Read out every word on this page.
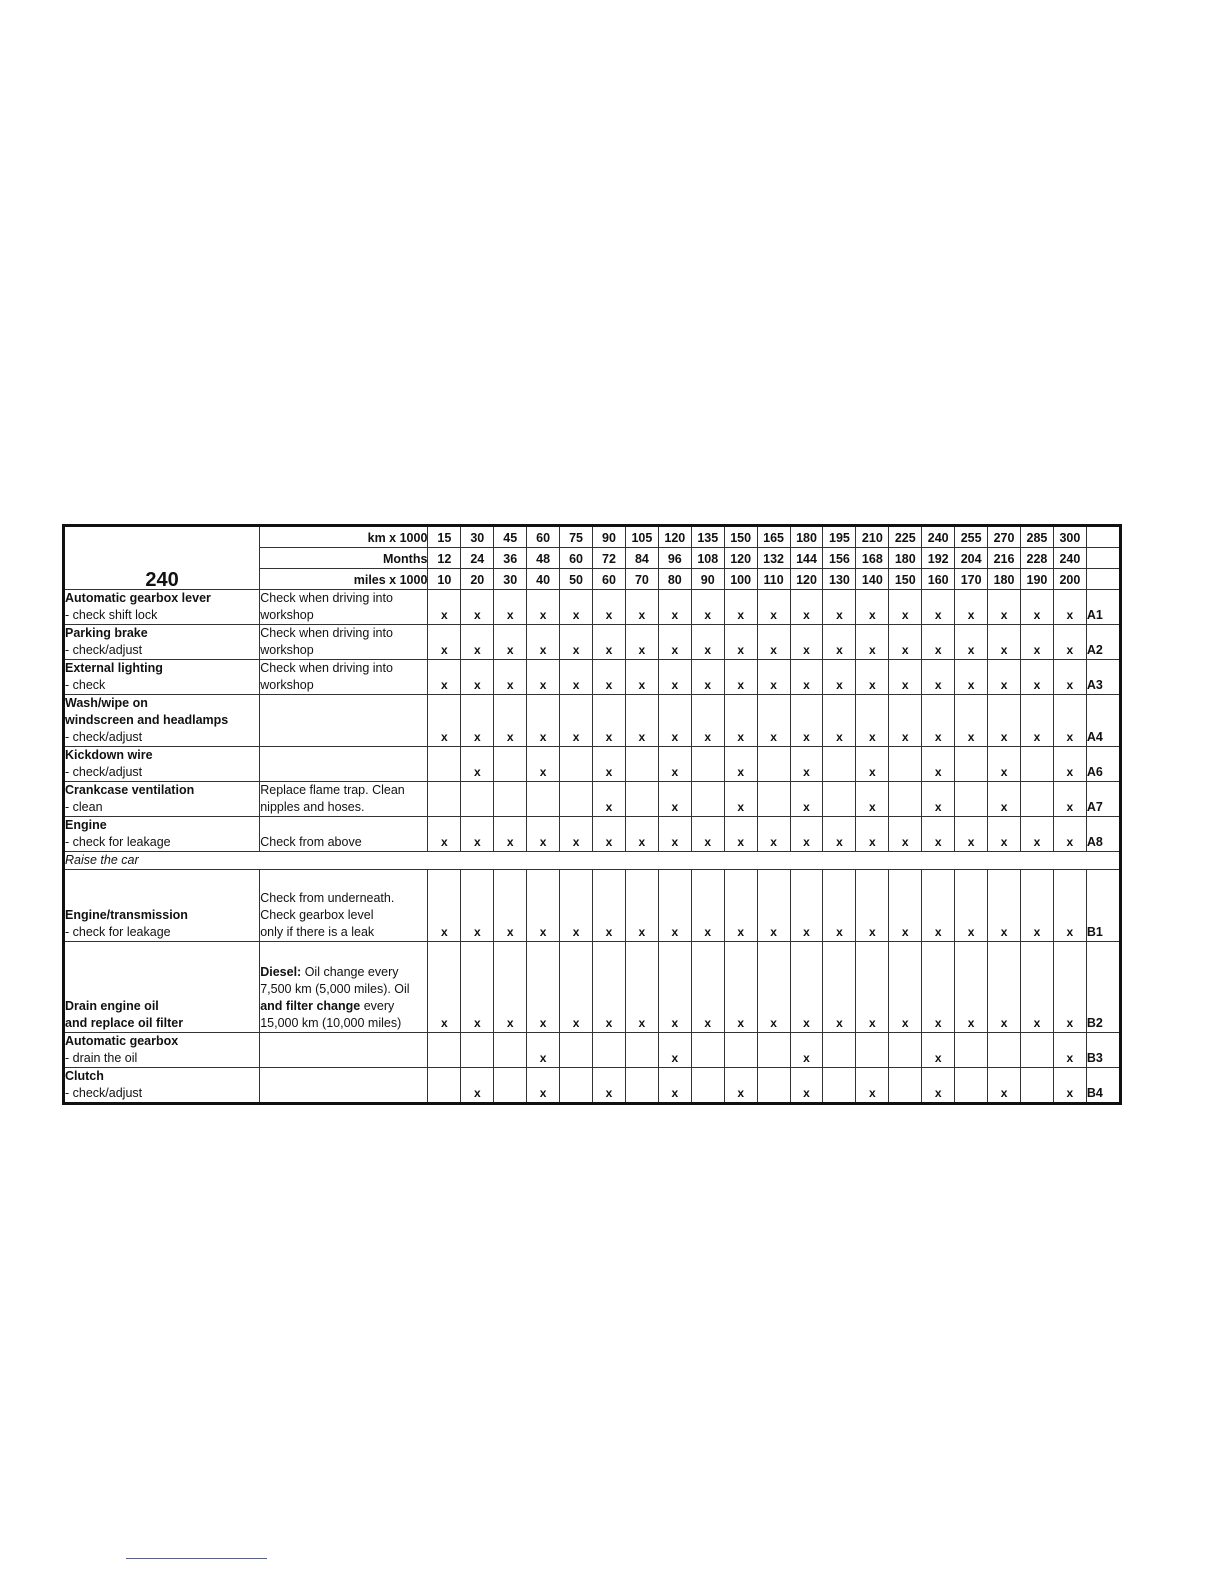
240	km x 1000	15	30	45	60	75	90	105	120	135	150	165	180	195	210	225	240	255	270	285	300	
	Months	12	24	36	48	60	72	84	96	108	120	132	144	156	168	180	192	204	216	228	240	
	miles x 1000	10	20	30	40	50	60	70	80	90	100	110	120	130	140	150	160	170	180	190	200	

Automatic gearbox lever
- check shift lock	Check when driving into
workshop	x	x	x	x	x	x	x	x	x	x	x	x	x	x	x	x	x	x	x	x	A1

Parking brake
- check/adjust	Check when driving into
workshop	x	x	x	x	x	x	x	x	x	x	x	x	x	x	x	x	x	x	x	x	A2

External lighting
- check	Check when driving into
workshop	x	x	x	x	x	x	x	x	x	x	x	x	x	x	x	x	x	x	x	x	A3

Wash/wipe on
windscreen and headlamps
- check/adjust		x	x	x	x	x	x	x	x	x	x	x	x	x	x	x	x	x	x	x	x	A4

Kickdown wire
- check/adjust			x		x		x		x		x		x		x		x		x		x	A6

Crankcase ventilation
- clean	Replace flame trap. Clean
nipples and hoses.						x		x		x		x		x		x		x		x	A7

Engine
- check for leakage	Check from above	x	x	x	x	x	x	x	x	x	x	x	x	x	x	x	x	x	x	x	x	A8
Raise the car																						

Engine/transmission
- check for leakage	Check from underneath.
Check gearbox level
only if there is a leak	x	x	x	x	x	x	x	x	x	x	x	x	x	x	x	x	x	x	x	x	B1

Drain engine oil
and replace oil filter	Diesel: Oil change every
7,500 km (5,000 miles). Oil
and filter change every
15,000 km (10,000 miles)	x	x	x	x	x	x	x	x	x	x	x	x	x	x	x	x	x	x	x	x	B2

Automatic gearbox
- drain the oil					x				x				x				x				x	B3

Clutch
- check/adjust			x		x		x		x		x		x		x		x		x		x	B4
